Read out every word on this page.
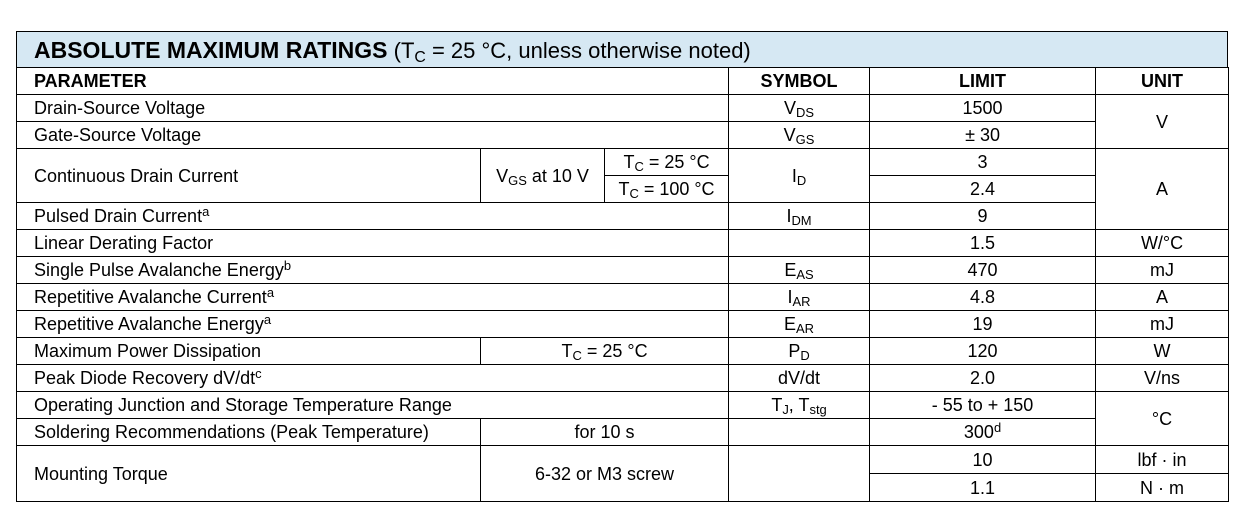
ABSOLUTE MAXIMUM RATINGS ($T_C = 25$ °C, unless otherwise noted)
PARAMETER			SYMBOL	LIMIT	UNIT
Drain-Source Voltage			$V_{DS}$	1500	V
Gate-Source Voltage			$V_{GS}$	± 30	
Continuous Drain Current	$V_{GS}$ at 10 V	$T_C = 25$ °C	$I_D$	3	A
		$T_C = 100$ °C		2.4	
Pulsed Drain Current$^a$			$I_{DM}$	9	
Linear Derating Factor				1.5	W/°C
Single Pulse Avalanche Energy$^b$			$E_{AS}$	470	mJ
Repetitive Avalanche Current$^a$			$I_{AR}$	4.8	A
Repetitive Avalanche Energy$^a$			$E_{AR}$	19	mJ
Maximum Power Dissipation	$T_C = 25$ °C		$P_D$	120	W
Peak Diode Recovery $dV/dt^c$			dV/dt	2.0	V/ns
Operating Junction and Storage Temperature Range			$T_J$, $T_{stg}$	- 55 to + 150	°C
Soldering Recommendations (Peak Temperature)	for 10 s			300$^d$
Mounting Torque	6-32 or M3 screw			10	lbf · in
				1.1	N · m
